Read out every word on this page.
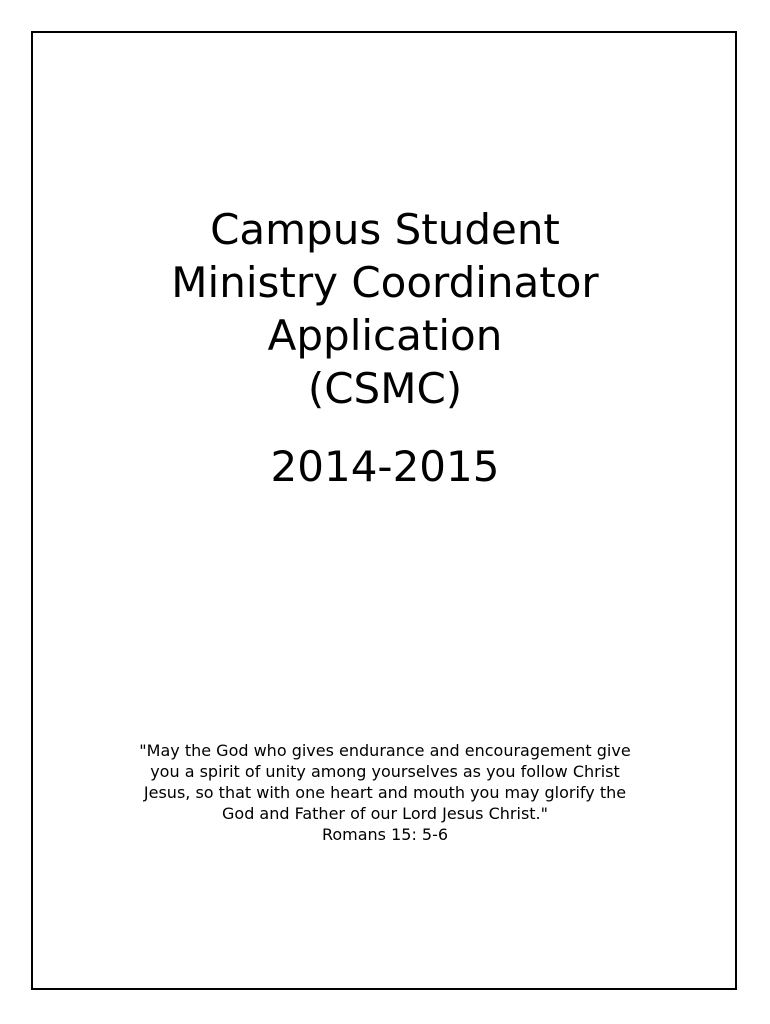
Campus Student
Ministry Coordinator
Application
(CSMC)
2014-2015
"May the God who gives endurance and encouragement give
you a spirit of unity among yourselves as you follow Christ
Jesus, so that with one heart and mouth you may glorify the
God and Father of our Lord Jesus Christ."
Romans 15: 5-6
